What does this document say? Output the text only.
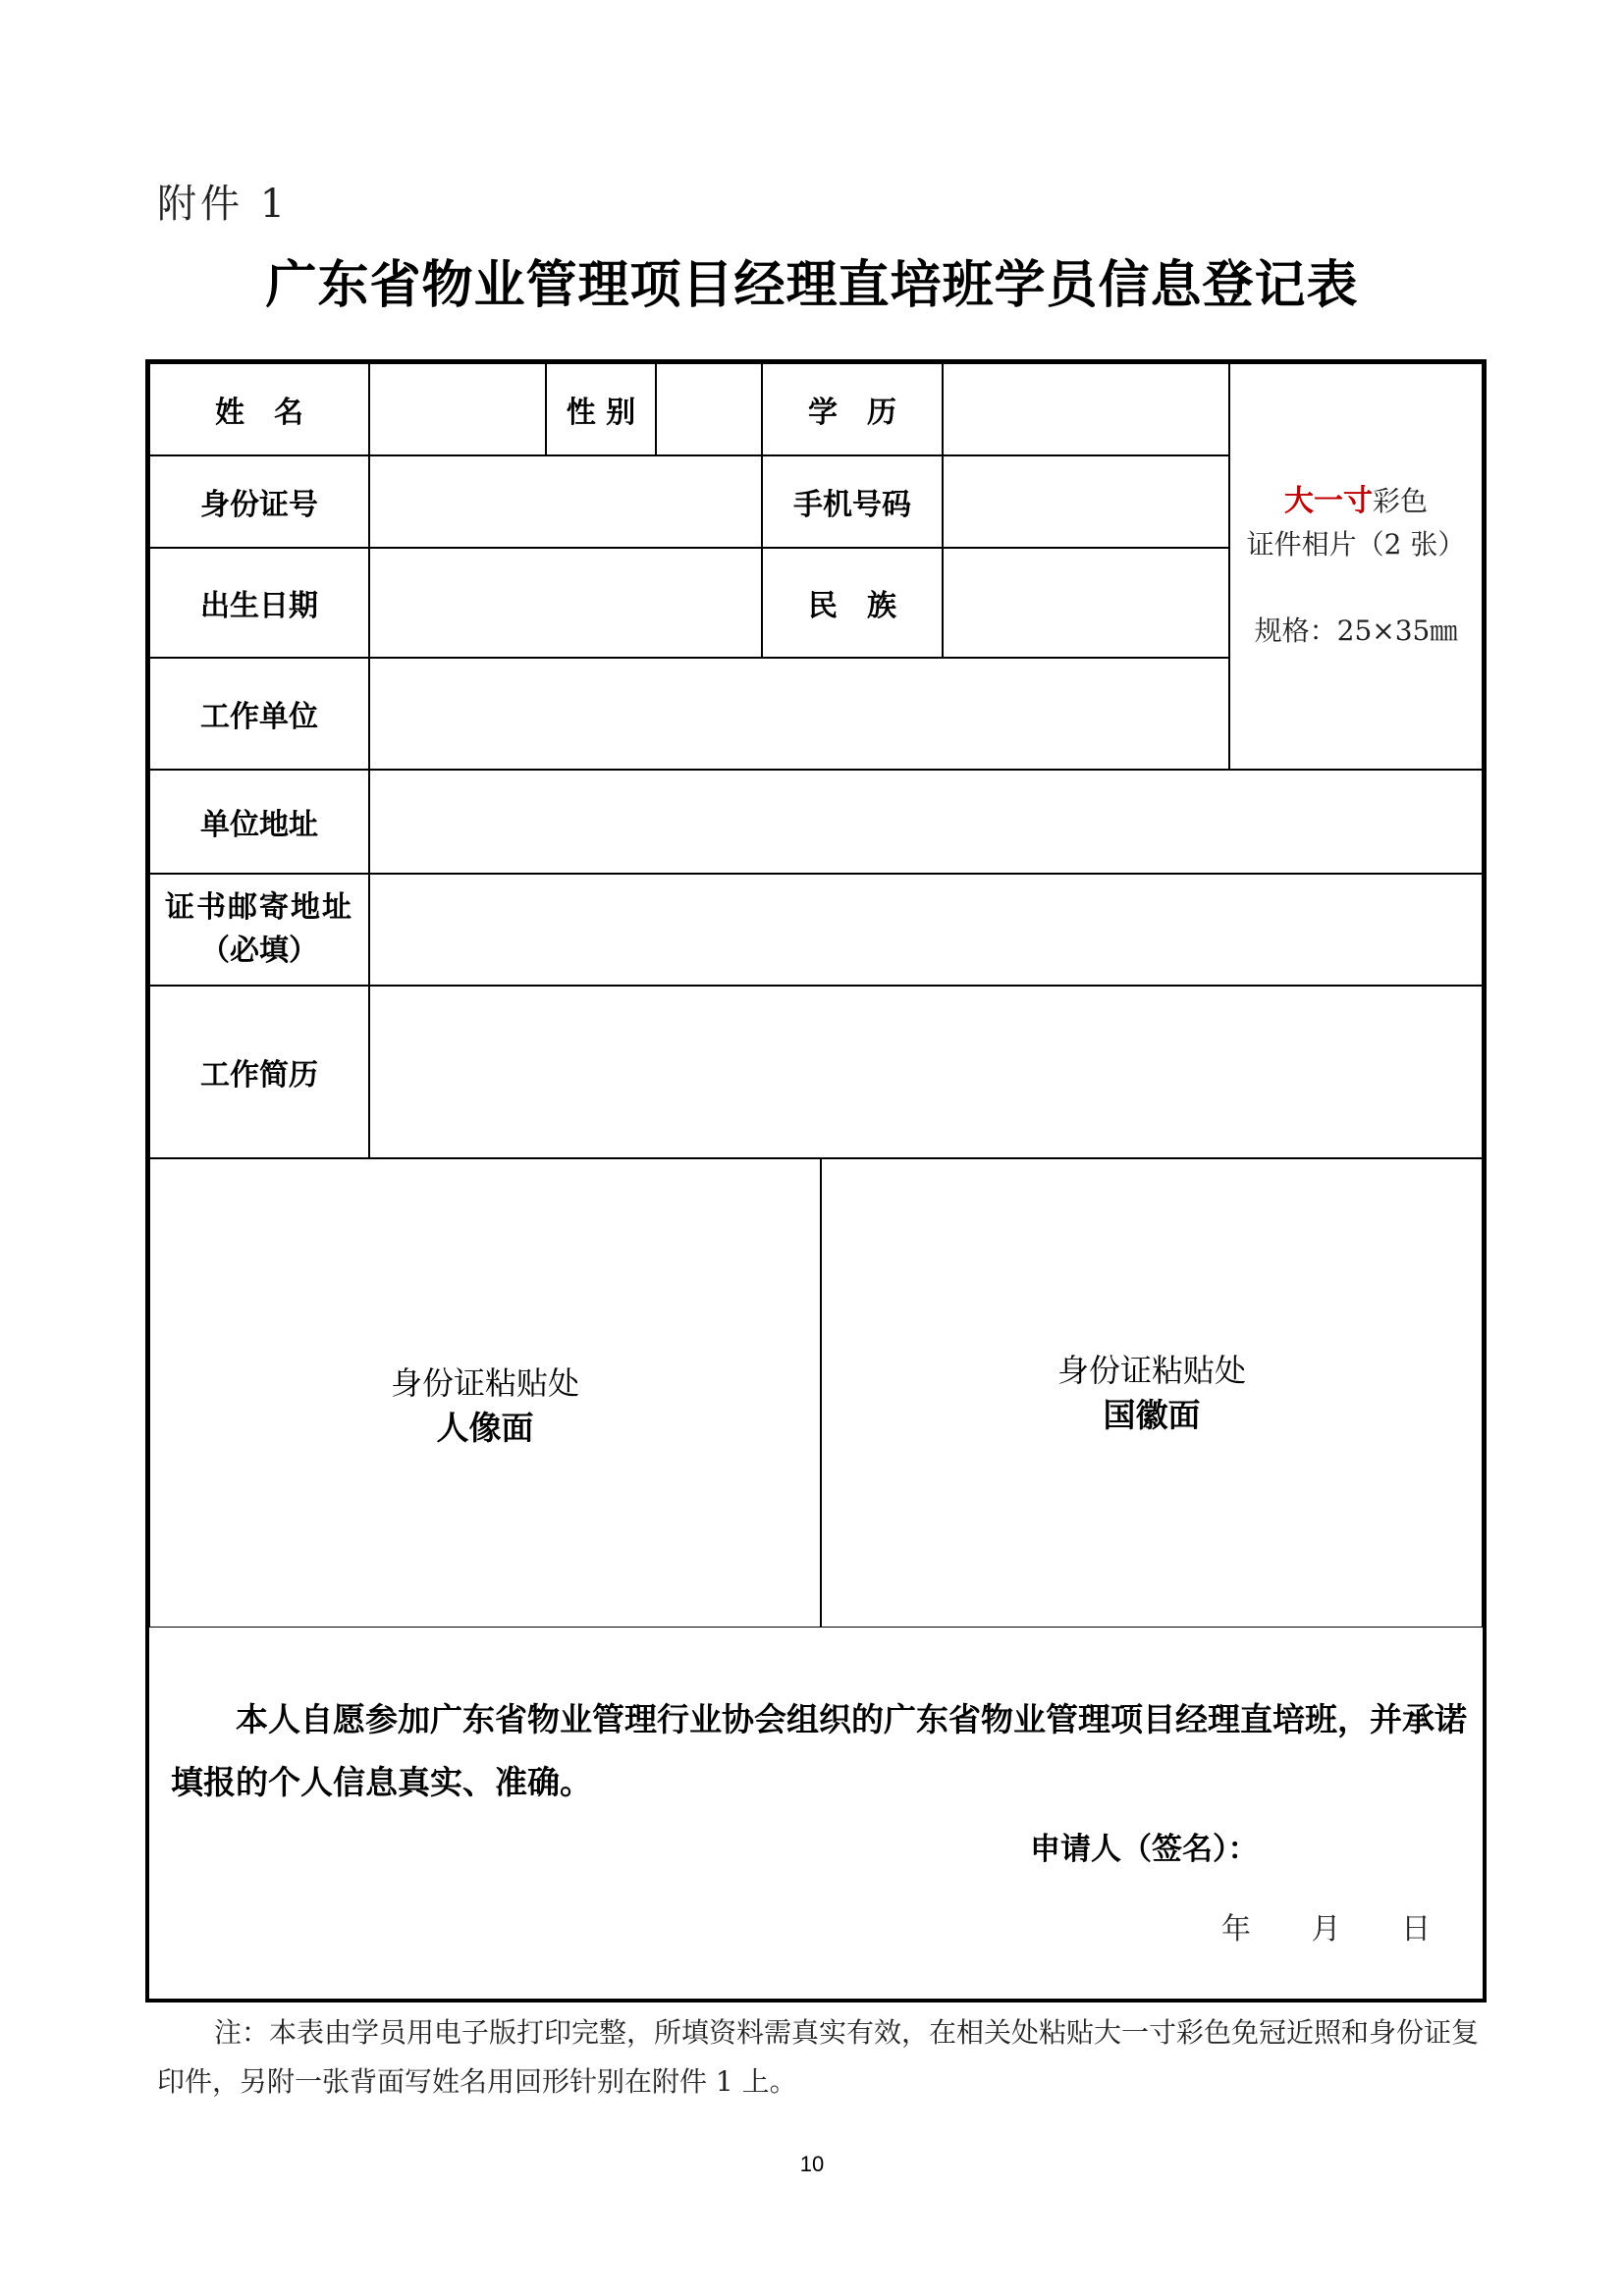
附件 1
广东省物业管理项目经理直培班学员信息登记表
姓　名	性 别	学　历
大一寸彩色
证件相片（2 张）
规格：25×35㎜
身份证号	手机号码
出生日期	民　族
工作单位
单位地址
证书邮寄地址
（必填）
工作简历
身份证粘贴处
人像面
身份证粘贴处
国徽面
本人自愿参加广东省物业管理行业协会组织的广东省物业管理项目经理直培班，并承诺填报的个人信息真实、准确。
申请人（签名）：
年 月 日
注：本表由学员用电子版打印完整，所填资料需真实有效，在相关处粘贴大一寸彩色免冠近照和身份证复印件，另附一张背面写姓名用回形针别在附件 1 上。
10
